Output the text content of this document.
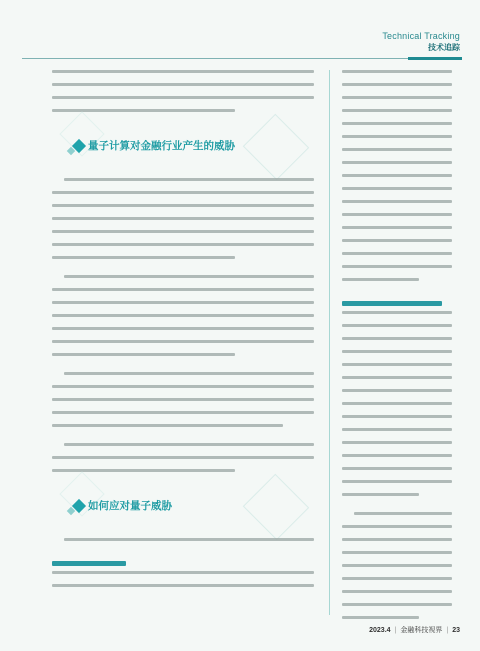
Technical Tracking
技术追踪
量子计算对金融行业产生的威胁
如何应对量子威胁
2023.4 | 金融科技视界 | 23
